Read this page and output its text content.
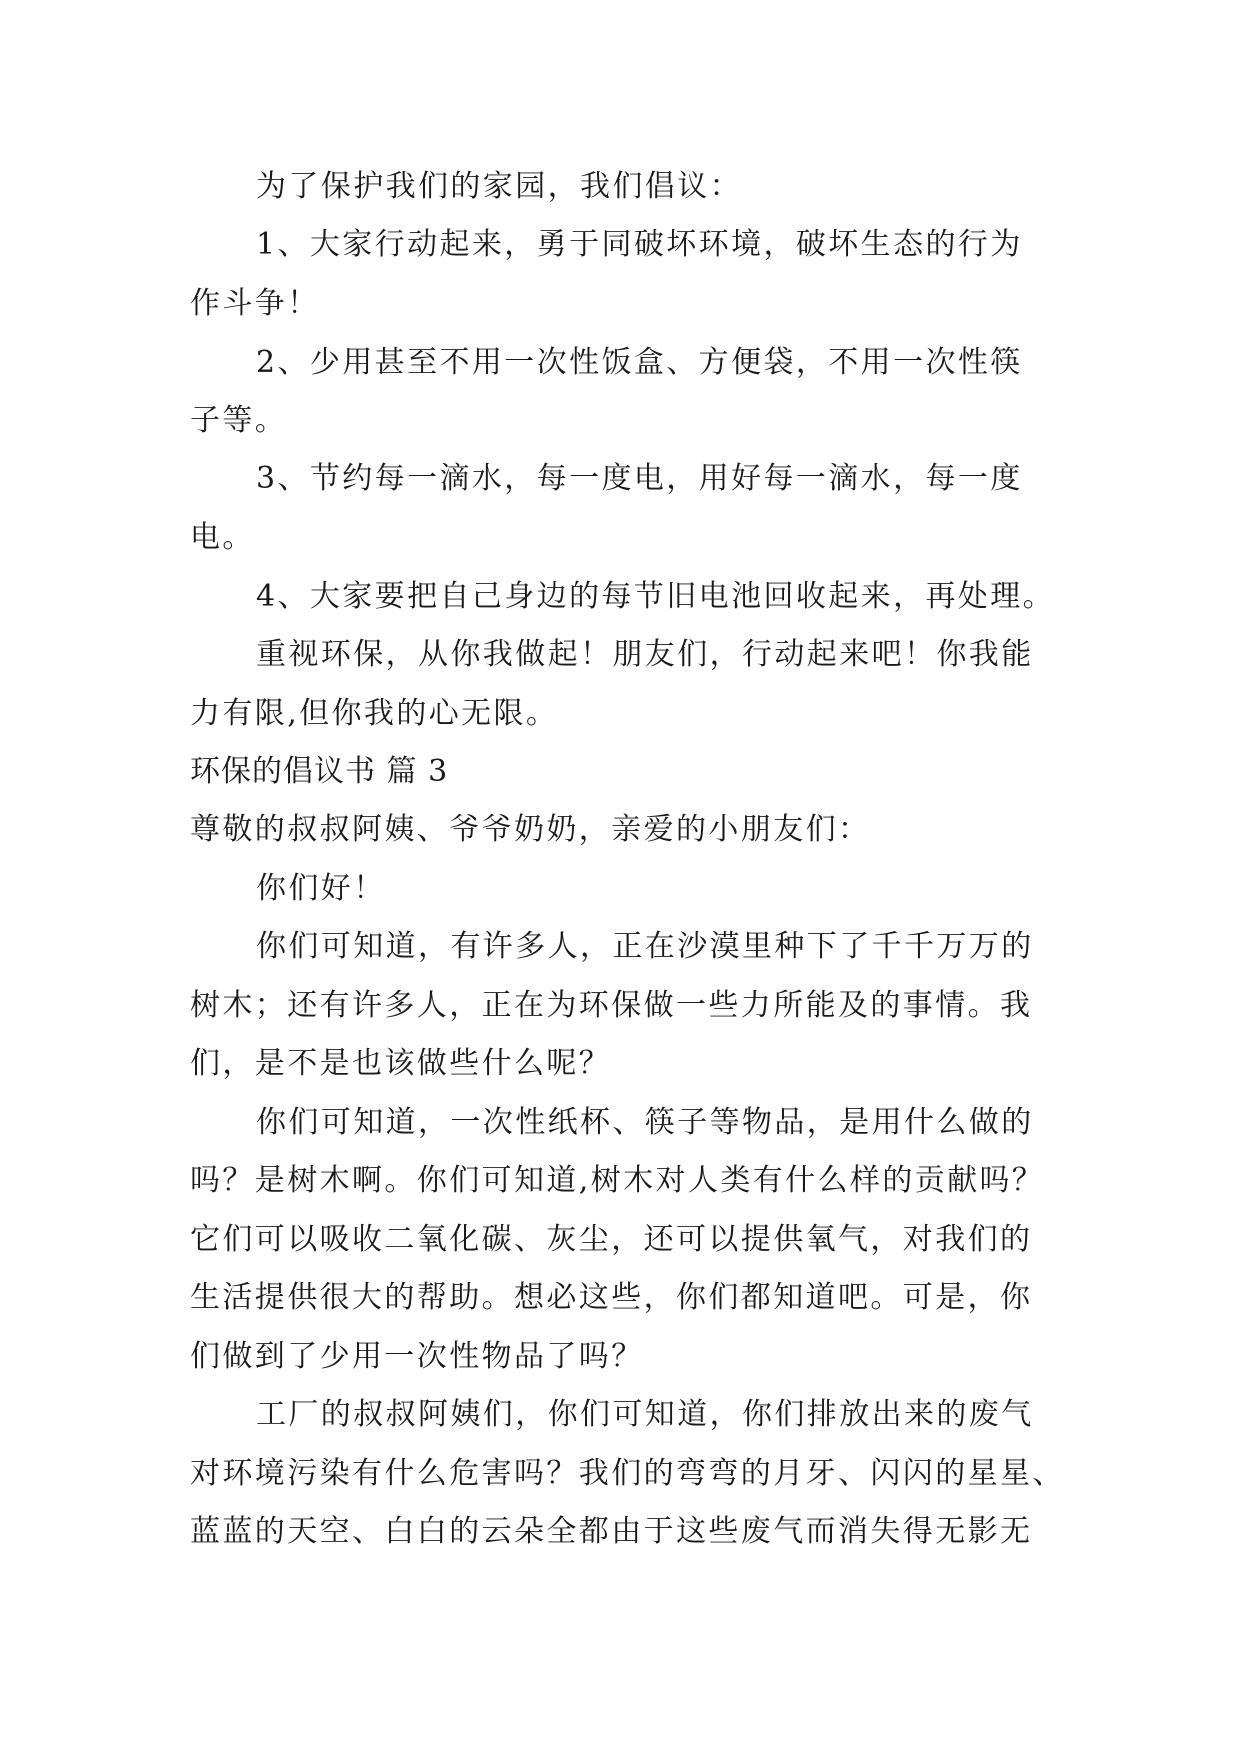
为了保护我们的家园，我们倡议：
1、大家行动起来，勇于同破坏环境，破坏生态的行为
作斗争！
2、少用甚至不用一次性饭盒、方便袋，不用一次性筷
子等。
3、节约每一滴水，每一度电，用好每一滴水，每一度
电。
4、大家要把自己身边的每节旧电池回收起来，再处理。
重视环保，从你我做起！朋友们，行动起来吧！你我能
力有限,但你我的心无限。
环保的倡议书 篇 3
尊敬的叔叔阿姨、爷爷奶奶，亲爱的小朋友们：
你们好！
你们可知道，有许多人，正在沙漠里种下了千千万万的
树木；还有许多人，正在为环保做一些力所能及的事情。我
们，是不是也该做些什么呢？
你们可知道，一次性纸杯、筷子等物品，是用什么做的
吗？是树木啊。你们可知道,树木对人类有什么样的贡献吗？
它们可以吸收二氧化碳、灰尘，还可以提供氧气，对我们的
生活提供很大的帮助。想必这些，你们都知道吧。可是，你
们做到了少用一次性物品了吗？
工厂的叔叔阿姨们，你们可知道，你们排放出来的废气
对环境污染有什么危害吗？我们的弯弯的月牙、闪闪的星星、
蓝蓝的天空、白白的云朵全都由于这些废气而消失得无影无
